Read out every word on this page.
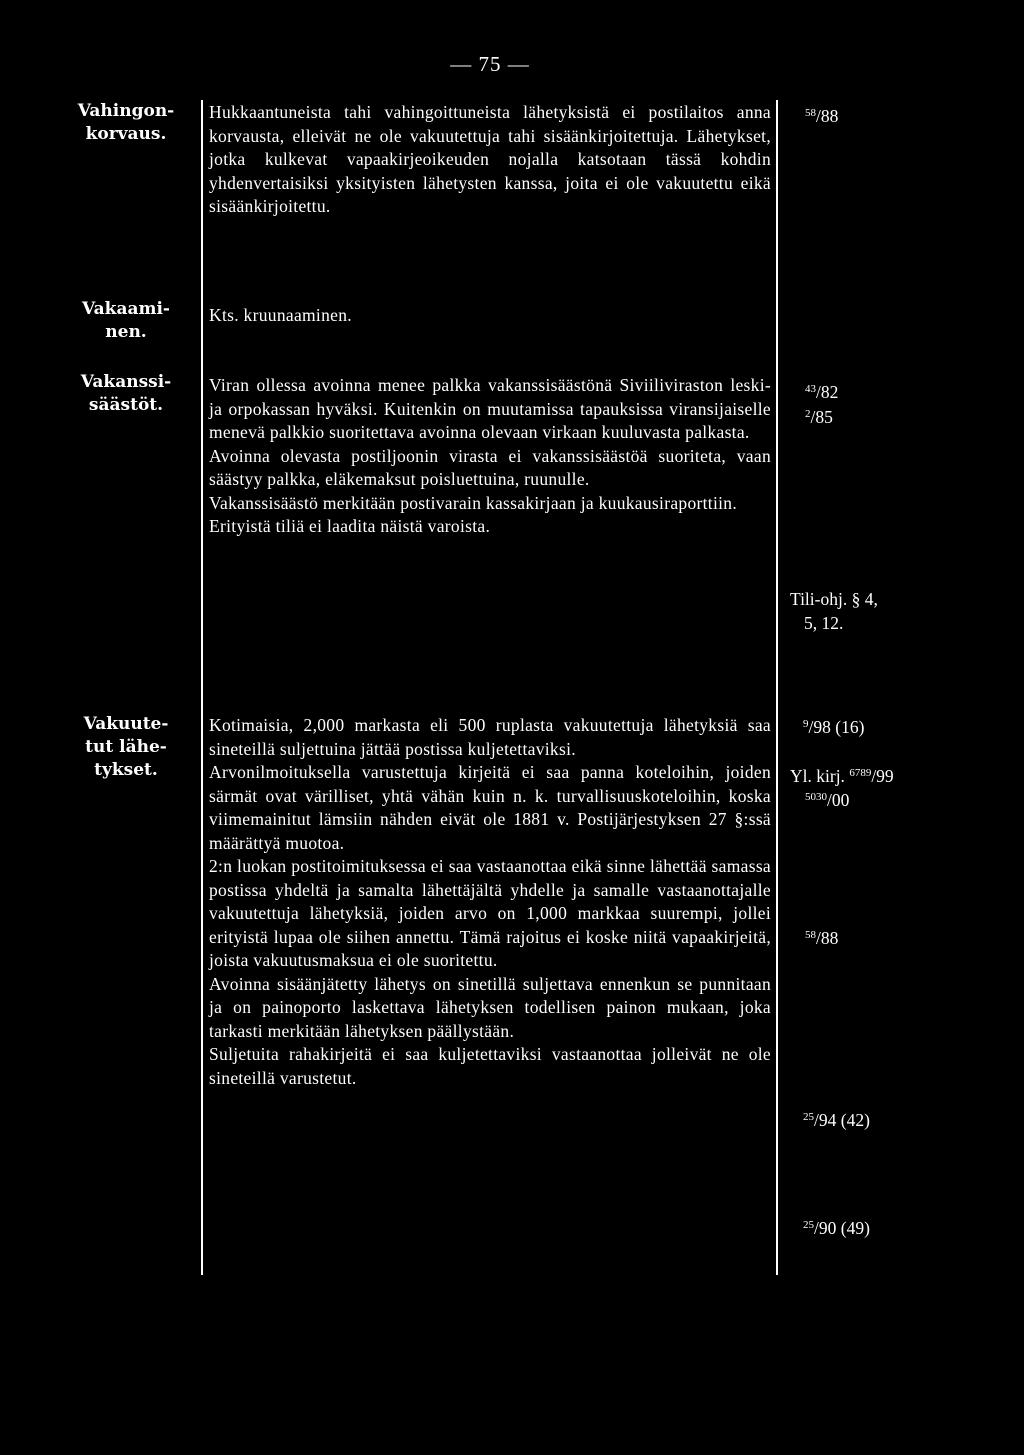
— 75 —
Vahingon-
korvaus.

Hukkaantuneista tahi vahingoittuneista lähetyksistä ei postilaitos anna korvausta, elleivät ne ole vakuutettuja tahi sisäänkirjoitettuja. Lähetykset, jotka kulkevat vapaakirjeoikeuden nojalla katsotaan tässä kohdin yhdenvertaisiksi yksityisten lähetysten kanssa, joita ei ole vakuutettu eikä sisäänkirjoitettu.

$^{58}$/88
Vakaami-
nen.

Kts. kruunaaminen.

Vakanssi-
säästöt.

Viran ollessa avoinna menee palkka vakanssisäästönä Siviiliviraston leski- ja orpokassan hyväksi. Kuitenkin on muutamissa tapauksissa viransijaiselle menevä palkkio suoritettava avoinna olevaan virkaan kuuluvasta palkasta.

Avoinna olevasta postiljoonin virasta ei vakanssisäästöä suoriteta, vaan säästyy palkka, eläkemaksut poisluettuina, ruunulle.

Vakanssisäästö merkitään postivarain kassakirjaan ja kuukausiraporttiin.

Erityistä tiliä ei laadita näistä varoista.

$^{43}$/82
$^2$/85
Tili-ohj. § 4,
5, 12.
Vakuute-
tut lähe-
tykset.

Kotimaisia, 2,000 markasta eli 500 ruplasta vakuutettuja lähetyksiä saa sineteillä suljettuina jättää postissa kuljetettaviksi.

Arvonilmoituksella varustettuja kirjeitä ei saa panna koteloihin, joiden särmät ovat värilliset, yhtä vähän kuin n. k. turvallisuuskoteloihin, koska viimemainitut lämsiin nähden eivät ole 1881 v. Postijärjestyksen 27 §:ssä määrättyä muotoa.

2:n luokan postitoimituksessa ei saa vastaanottaa eikä sinne lähettää samassa postissa yhdeltä ja samalta lähettäjältä yhdelle ja samalle vastaanottajalle vakuutettuja lähetyksiä, joiden arvo on 1,000 markkaa suurempi, jollei erityistä lupaa ole siihen annettu. Tämä rajoitus ei koske niitä vapaakirjeitä, joista vakuutusmaksua ei ole suoritettu.

Avoinna sisäänjätetty lähetys on sinetillä suljettava ennenkun se punnitaan ja on painoporto laskettava lähetyksen todellisen painon mukaan, joka tarkasti merkitään lähetyksen päällystään.

Suljetuita rahakirjeitä ei saa kuljetettaviksi vastaanottaa jolleivät ne ole sineteillä varustetut.

$^9$/98 (16)
Yl. kirj. $^{6789}$/99
$^{5030}$/00
$^{58}$/88
$^{25}$/94 (42)
$^{25}$/90 (49)
